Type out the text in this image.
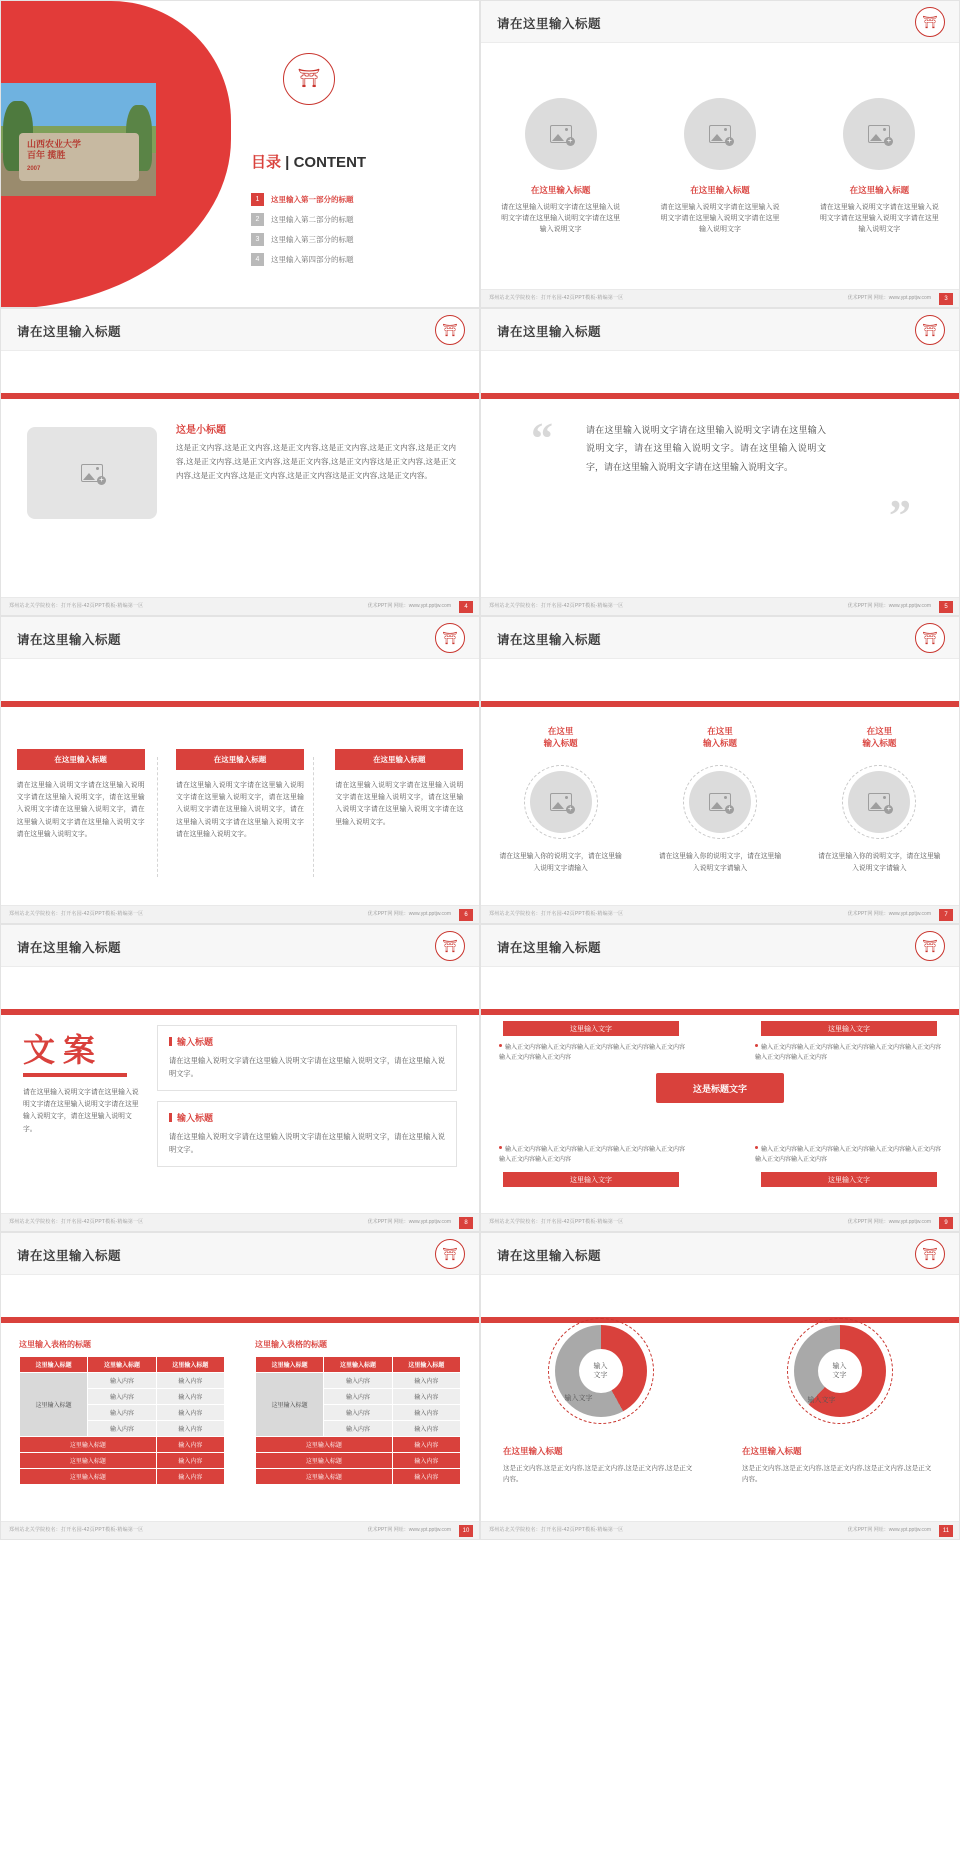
山西农业大学
百年 揽胜
2007
⛩
目录 | CONTENT
1	这里输入第一部分的标题
2	这里输入第二部分的标题
3	这里输入第三部分的标题
4	这里输入第四部分的标题
请在这里输入标题	⛩
+
在这里输入标题
请在这里输入说明文字请在这里输入说明文字请在这里输入说明文字请在这里输入说明文字
+
在这里输入标题
请在这里输入说明文字请在这里输入说明文字请在这里输入说明文字请在这里输入说明文字
+
在这里输入标题
请在这里输入说明文字请在这里输入说明文字请在这里输入说明文字请在这里输入说明文字
郑州站北关学院校名：打开名园-42页PPT模板-精编第一区	优术PPT网 网址：www.ypt.pptjw.com	3
请在这里输入标题	⛩
+
这是小标题
这是正文内容,这是正文内容,这是正文内容,这是正文内容,这是正文内容,这是正文内容,这是正文内容,这是正文内容,这是正文内容,这是正文内容这是正文内容,这是正文内容,这是正文内容,这是正文内容,这是正文内容这是正文内容,这是正文内容。
郑州站北关学院校名：打开名园-42页PPT模板-精编第一区	优术PPT网 网址：www.ypt.pptjw.com	4
请在这里输入标题	⛩
“
”
请在这里输入说明文字请在这里输入说明文字请在这里输入说明文字，请在这里输入说明文字。请在这里输入说明文字，请在这里输入说明文字请在这里输入说明文字。
郑州站北关学院校名：打开名园-42页PPT模板-精编第一区	优术PPT网 网址：www.ypt.pptjw.com	5
请在这里输入标题	⛩
在这里输入标题
请在这里输入说明文字请在这里输入说明文字请在这里输入说明文字，请在这里输入说明文字请在这里输入说明文字，请在这里输入说明文字请在这里输入说明文字请在这里输入说明文字。
在这里输入标题
请在这里输入说明文字请在这里输入说明文字请在这里输入说明文字，请在这里输入说明文字请在这里输入说明文字，请在这里输入说明文字请在这里输入说明文字请在这里输入说明文字。
在这里输入标题
请在这里输入说明文字请在这里输入说明文字请在这里输入说明文字，请在这里输入说明文字请在这里输入说明文字请在这里输入说明文字。
郑州站北关学院校名：打开名园-42页PPT模板-精编第一区	优术PPT网 网址：www.ypt.pptjw.com	6
请在这里输入标题	⛩
在这里
输入标题
在这里
输入标题
在这里
输入标题
+	+	+
请在这里输入你的说明文字，请在这里输入说明文字请输入
请在这里输入你的说明文字，请在这里输入说明文字请输入
请在这里输入你的说明文字，请在这里输入说明文字请输入
郑州站北关学院校名：打开名园-42页PPT模板-精编第一区	优术PPT网 网址：www.ypt.pptjw.com	7
请在这里输入标题	⛩
文案
请在这里输入说明文字请在这里输入说明文字请在这里输入说明文字请在这里输入说明文字，请在这里输入说明文字。
输入标题
请在这里输入说明文字请在这里输入说明文字请在这里输入说明文字，请在这里输入说明文字。
输入标题
请在这里输入说明文字请在这里输入说明文字请在这里输入说明文字，请在这里输入说明文字。
郑州站北关学院校名：打开名园-42页PPT模板-精编第一区	优术PPT网 网址：www.ypt.pptjw.com	8
请在这里输入标题	⛩
这里输入文字	这里输入文字
这里输入文字	这里输入文字
输入正文内容输入正文内容输入正文内容输入正文内容输入正文内容输入正文内容输入正文内容
输入正文内容输入正文内容输入正文内容输入正文内容输入正文内容输入正文内容输入正文内容
输入正文内容输入正文内容输入正文内容输入正文内容输入正文内容输入正文内容输入正文内容
输入正文内容输入正文内容输入正文内容输入正文内容输入正文内容输入正文内容输入正文内容
这是标题文字
郑州站北关学院校名：打开名园-42页PPT模板-精编第一区	优术PPT网 网址：www.ypt.pptjw.com	9
请在这里输入标题	⛩
这里输入表格的标题
这里输入标题	这里输入标题	这里输入标题
这里输入标题	输入内容	输入内容
	输入内容	输入内容
	输入内容	输入内容
	输入内容	输入内容
这里输入标题		输入内容
这里输入标题		输入内容
这里输入标题		输入内容
这里输入表格的标题
这里输入标题	这里输入标题	这里输入标题
这里输入标题	输入内容	输入内容
	输入内容	输入内容
	输入内容	输入内容
	输入内容	输入内容
这里输入标题		输入内容
这里输入标题		输入内容
这里输入标题		输入内容
郑州站北关学院校名：打开名园-42页PPT模板-精编第一区	优术PPT网 网址：www.ypt.pptjw.com	10
请在这里输入标题	⛩
输入
文字
输入文字
输入
文字
输入文字
在这里输入标题
这是正文内容,这是正文内容,这是正文内容,这是正文内容,这是正文内容。
在这里输入标题
这是正文内容,这是正文内容,这是正文内容,这是正文内容,这是正文内容。
郑州站北关学院校名：打开名园-42页PPT模板-精编第一区	优术PPT网 网址：www.ypt.pptjw.com	11
